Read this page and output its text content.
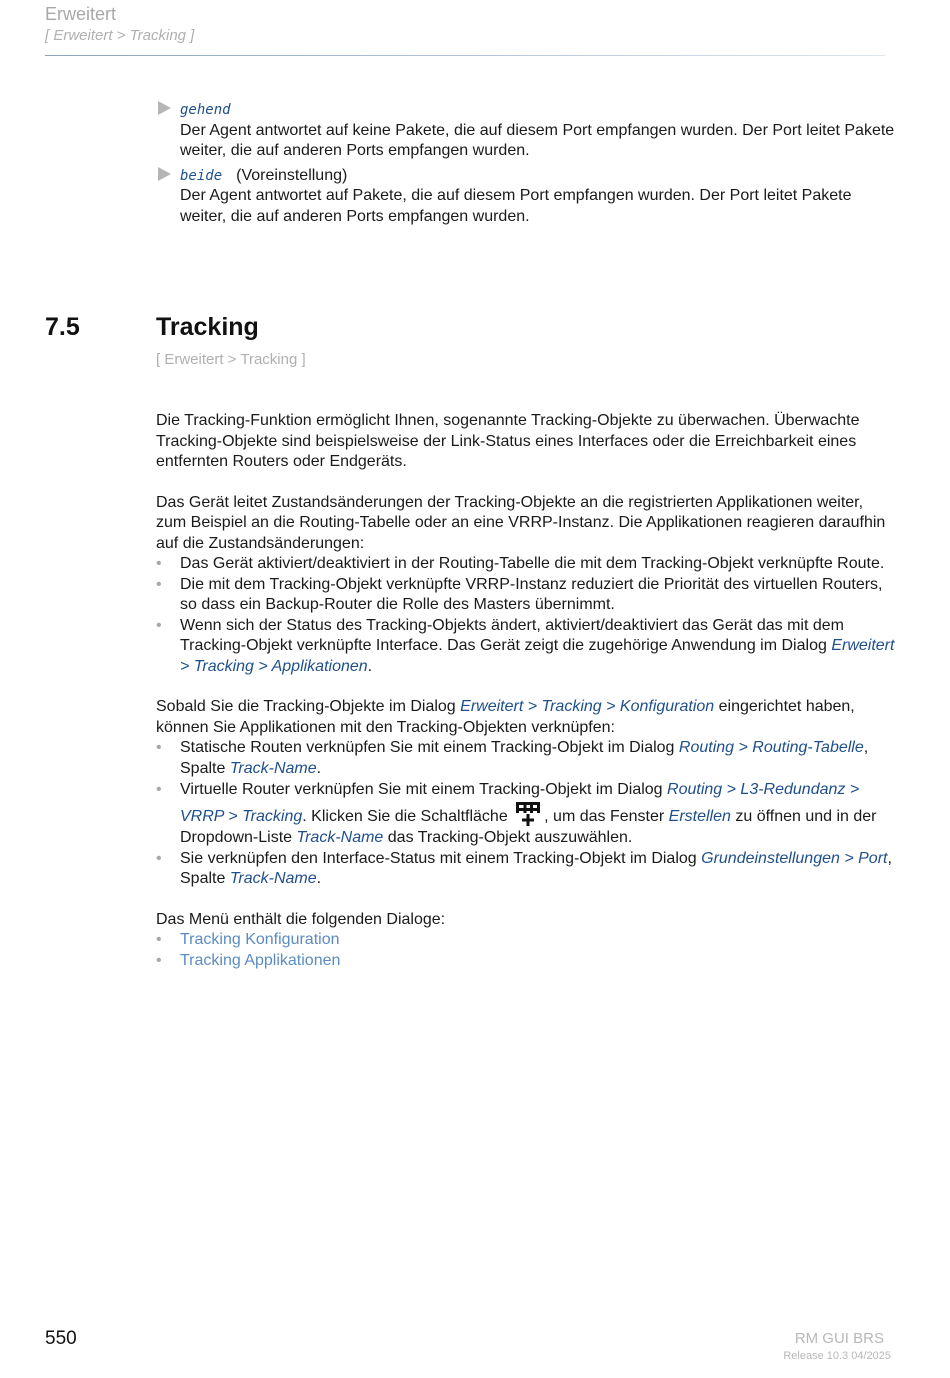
Erweitert
[ Erweitert > Tracking ]
gehend
Der Agent antwortet auf keine Pakete, die auf diesem Port empfangen wurden. Der Port leitet Pakete weiter, die auf anderen Ports empfangen wurden.
beide (Voreinstellung)
Der Agent antwortet auf Pakete, die auf diesem Port empfangen wurden. Der Port leitet Pakete weiter, die auf anderen Ports empfangen wurden.
7.5	Tracking
[ Erweitert > Tracking ]

Die Tracking-Funktion ermöglicht Ihnen, sogenannte Tracking-Objekte zu überwachen. Überwachte Tracking-Objekte sind beispielsweise der Link-Status eines Interfaces oder die Erreichbarkeit eines entfernten Routers oder Endgeräts.

Das Gerät leitet Zustandsänderungen der Tracking-Objekte an die registrierten Applikationen weiter, zum Beispiel an die Routing-Tabelle oder an eine VRRP-Instanz. Die Applikationen reagieren daraufhin auf die Zustandsänderungen:

• Das Gerät aktiviert/deaktiviert in der Routing-Tabelle die mit dem Tracking-Objekt verknüpfte Route.
• Die mit dem Tracking-Objekt verknüpfte VRRP-Instanz reduziert die Priorität des virtuellen Routers, so dass ein Backup-Router die Rolle des Masters übernimmt.
• Wenn sich der Status des Tracking-Objekts ändert, aktiviert/deaktiviert das Gerät das mit dem Tracking-Objekt verknüpfte Interface. Das Gerät zeigt die zugehörige Anwendung im Dialog Erweitert > Tracking > Applikationen.

Sobald Sie die Tracking-Objekte im Dialog Erweitert > Tracking > Konfiguration eingerichtet haben, können Sie Applikationen mit den Tracking-Objekten verknüpfen:

• Statische Routen verknüpfen Sie mit einem Tracking-Objekt im Dialog Routing > Routing-Tabelle, Spalte Track-Name.
• Virtuelle Router verknüpfen Sie mit einem Tracking-Objekt im Dialog Routing > L3-Redundanz > VRRP > Tracking. Klicken Sie die Schaltfläche , um das Fenster Erstellen zu öffnen und in der Dropdown-Liste Track-Name das Tracking-Objekt auszuwählen.
• Sie verknüpfen den Interface-Status mit einem Tracking-Objekt im Dialog Grundeinstellungen > Port, Spalte Track-Name.

Das Menü enthält die folgenden Dialoge:

• Tracking Konfiguration
• Tracking Applikationen
550	RM GUI BRS
Release 10.3 04/2025
